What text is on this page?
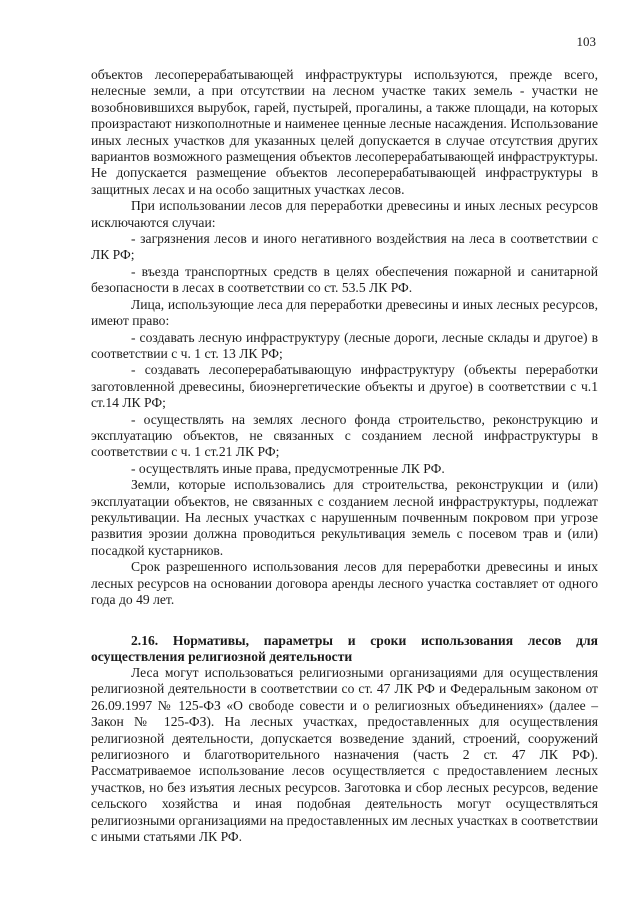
103

объектов лесоперерабатывающей инфраструктуры используются, прежде всего, нелесные земли, а при отсутствии на лесном участке таких земель - участки не возобновившихся вырубок, гарей, пустырей, прогалины, а также площади, на которых произрастают низкополнотные и наименее ценные лесные насаждения. Использование иных лесных участков для указанных целей допускается в случае отсутствия других вариантов возможного размещения объектов лесоперерабатывающей инфраструктуры. Не допускается размещение объектов лесоперерабатывающей инфраструктуры в защитных лесах и на особо защитных участках лесов.

При использовании лесов для переработки древесины и иных лесных ресурсов исключаются случаи:

- загрязнения лесов и иного негативного воздействия на леса в соответствии с ЛК РФ;

- въезда транспортных средств в целях обеспечения пожарной и санитарной безопасности в лесах в соответствии со ст. 53.5 ЛК РФ.

Лица, использующие леса для переработки древесины и иных лесных ресурсов, имеют право:

- создавать лесную инфраструктуру (лесные дороги, лесные склады и другое) в соответствии с ч. 1 ст. 13 ЛК РФ;

- создавать лесоперерабатывающую инфраструктуру (объекты переработки заготовленной древесины, биоэнергетические объекты и другое) в соответствии с ч.1 ст.14 ЛК РФ;

- осуществлять на землях лесного фонда строительство, реконструкцию и эксплуатацию объектов, не связанных с созданием лесной инфраструктуры в соответствии с ч. 1 ст.21 ЛК РФ;

- осуществлять иные права, предусмотренные ЛК РФ.

Земли, которые использовались для строительства, реконструкции и (или) эксплуатации объектов, не связанных с созданием лесной инфраструктуры, подлежат рекультивации. На лесных участках с нарушенным почвенным покровом при угрозе развития эрозии должна проводиться рекультивация земель с посевом трав и (или) посадкой кустарников.

Срок разрешенного использования лесов для переработки древесины и иных лесных ресурсов на основании договора аренды лесного участка составляет от одного года до 49 лет.

2.16. Нормативы, параметры и сроки использования лесов для осуществления религиозной деятельности

Леса могут использоваться религиозными организациями для осуществления религиозной деятельности в соответствии со ст. 47 ЛК РФ и Федеральным законом от 26.09.1997 № 125-ФЗ «О свободе совести и о религиозных объединениях» (далее – Закон № 125-ФЗ). На лесных участках, предоставленных для осуществления религиозной деятельности, допускается возведение зданий, строений, сооружений религиозного и благотворительного назначения (часть 2 ст. 47 ЛК РФ). Рассматриваемое использование лесов осуществляется с предоставлением лесных участков, но без изъятия лесных ресурсов. Заготовка и сбор лесных ресурсов, ведение сельского хозяйства и иная подобная деятельность могут осуществляться религиозными организациями на предоставленных им лесных участках в соответствии с иными статьями ЛК РФ.
